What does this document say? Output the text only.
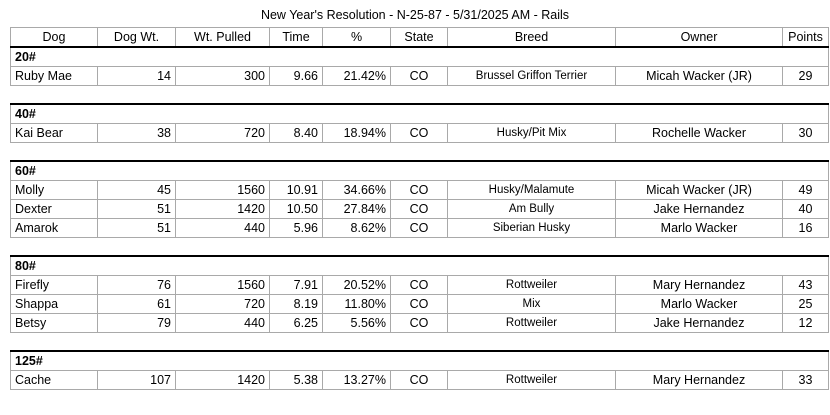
New Year's Resolution - N-25-87 - 5/31/2025 AM - Rails
Dog	Dog Wt.	Wt. Pulled	Time	%	State	Breed	Owner	Points
20#								
Ruby Mae	14	300	9.66	21.42%	CO	Brussel Griffon Terrier	Micah Wacker (JR)	29

40#								
Kai Bear	38	720	8.40	18.94%	CO	Husky/Pit Mix	Rochelle Wacker	30

60#								
Molly	45	1560	10.91	34.66%	CO	Husky/Malamute	Micah Wacker (JR)	49
Dexter	51	1420	10.50	27.84%	CO	Am Bully	Jake Hernandez	40
Amarok	51	440	5.96	8.62%	CO	Siberian Husky	Marlo Wacker	16

80#								
Firefly	76	1560	7.91	20.52%	CO	Rottweiler	Mary Hernandez	43
Shappa	61	720	8.19	11.80%	CO	Mix	Marlo Wacker	25
Betsy	79	440	6.25	5.56%	CO	Rottweiler	Jake Hernandez	12

125#								
Cache	107	1420	5.38	13.27%	CO	Rottweiler	Mary Hernandez	33
